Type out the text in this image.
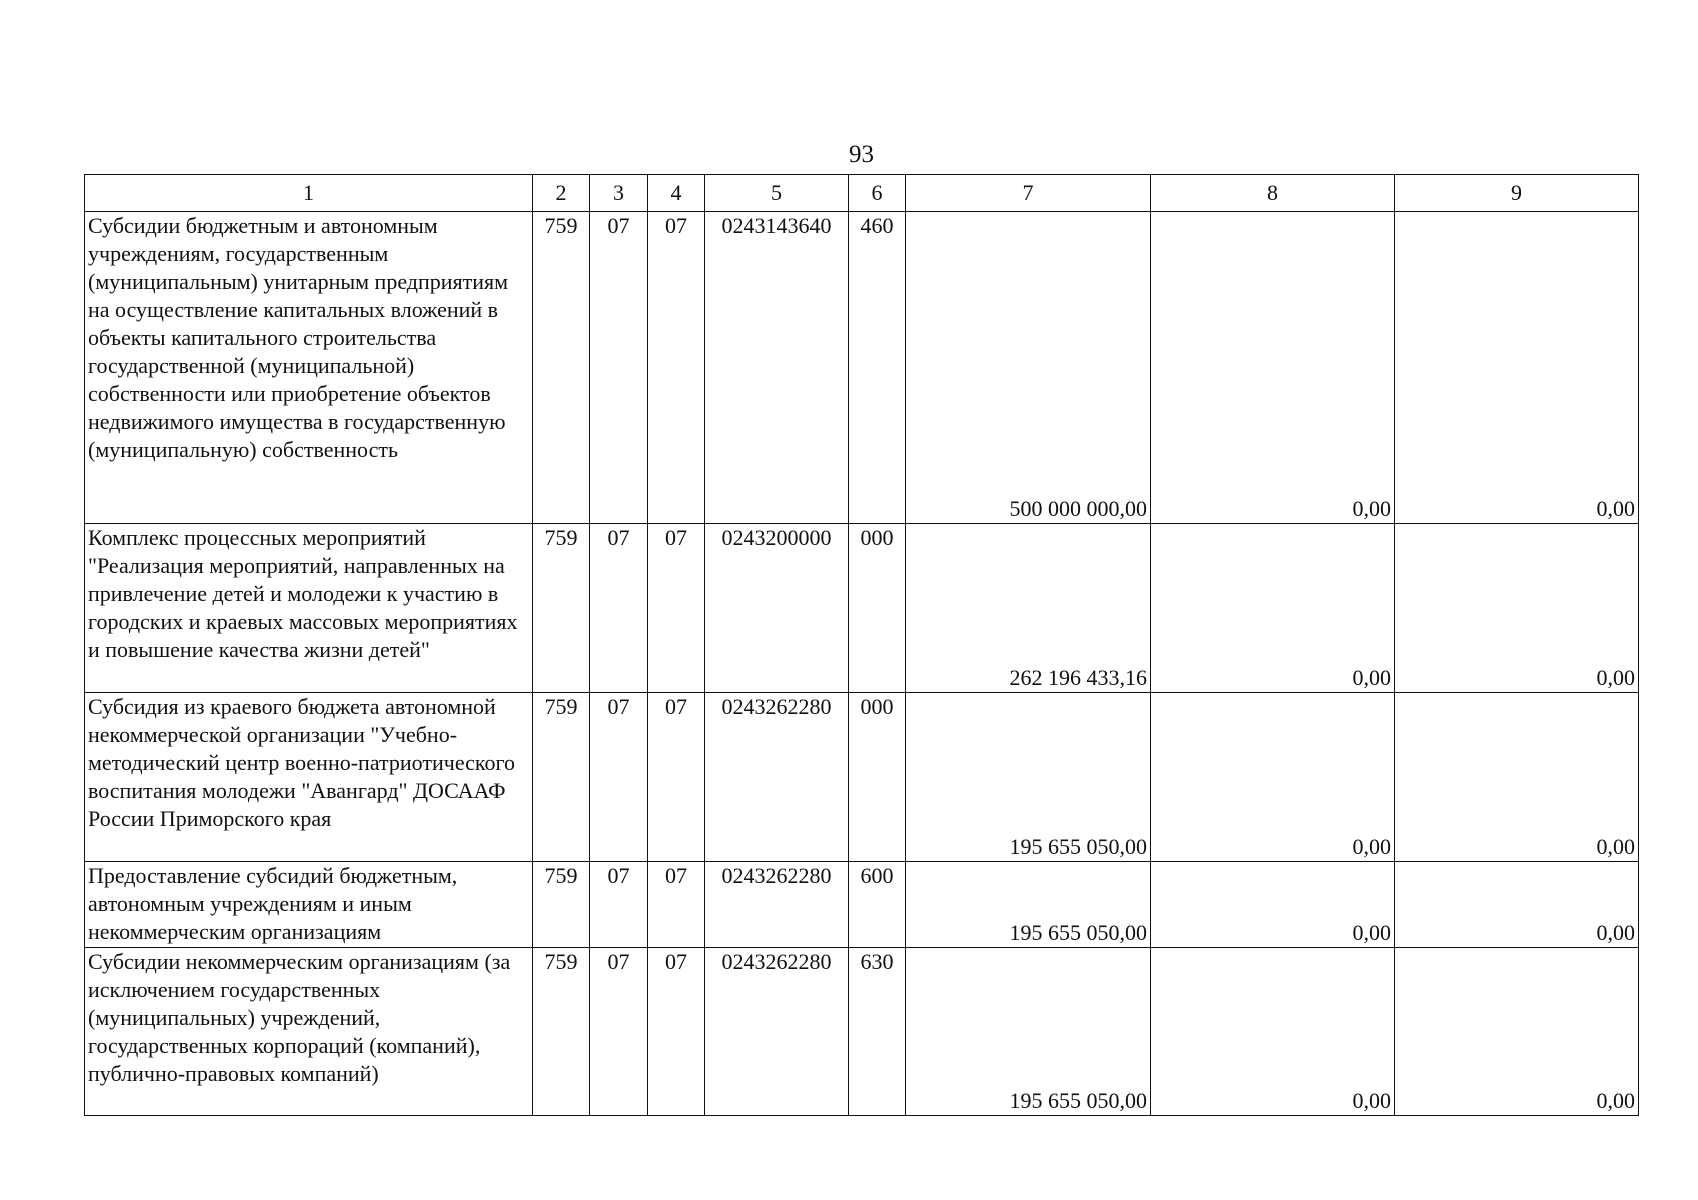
93
1	2	3	4	5	6	7	8	9
Субсидии бюджетным и автономным учреждениям, государственным (муниципальным) унитарным предприятиям на осуществление капитальных вложений в объекты капитального строительства государственной (муниципальной) собственности или приобретение объектов недвижимого имущества в государственную (муниципальную) собственность	759	07	07	0243143640	460	500 000 000,00	0,00	0,00
Комплекс процессных мероприятий "Реализация мероприятий, направленных на привлечение детей и молодежи к участию в городских и краевых массовых мероприятиях и повышение качества жизни детей"	759	07	07	0243200000	000	262 196 433,16	0,00	0,00
Субсидия из краевого бюджета автономной некоммерческой организации "Учебно-методический центр военно-патриотического воспитания молодежи "Авангард" ДОСААФ России Приморского края	759	07	07	0243262280	000	195 655 050,00	0,00	0,00
Предоставление субсидий бюджетным, автономным учреждениям и иным некоммерческим организациям	759	07	07	0243262280	600	195 655 050,00	0,00	0,00
Субсидии некоммерческим организациям (за исключением государственных (муниципальных) учреждений, государственных корпораций (компаний), публично-правовых компаний)	759	07	07	0243262280	630	195 655 050,00	0,00	0,00
